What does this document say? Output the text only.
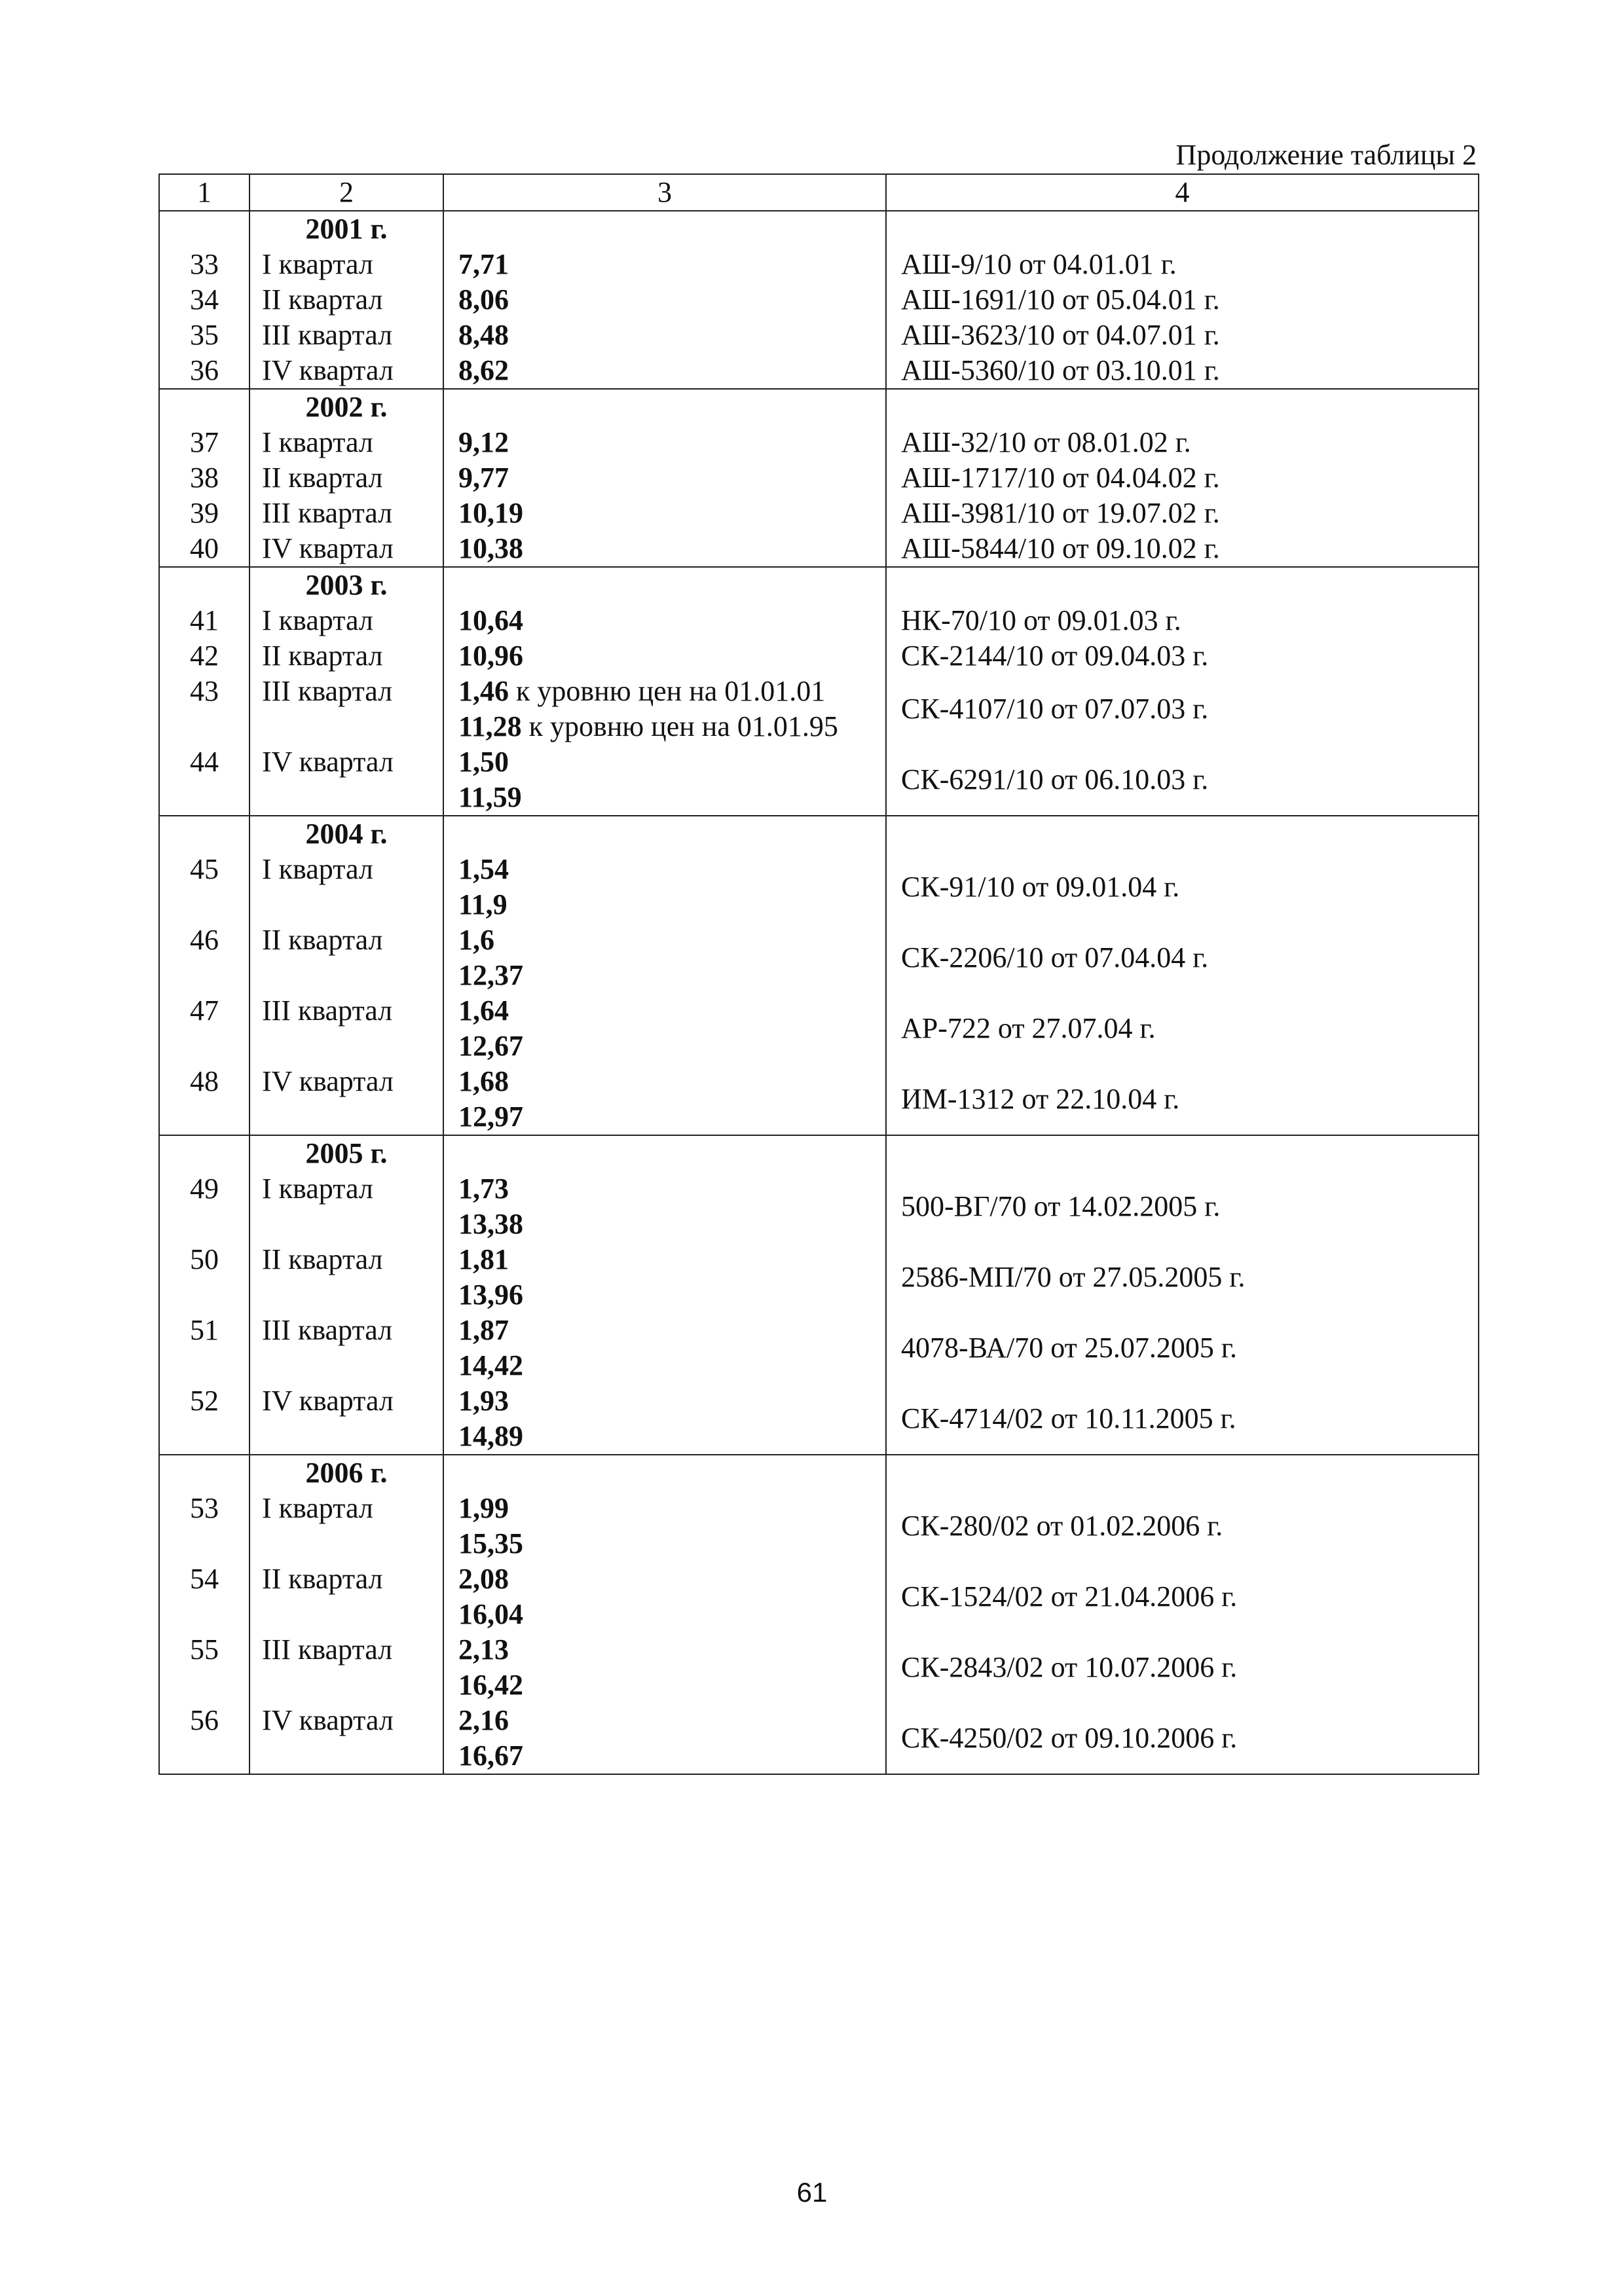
Продолжение таблицы 2
1	2	3	4
	2001 г.		
33	I квартал	7,71	АШ-9/10 от 04.01.01 г.
34	II квартал	8,06	АШ-1691/10 от 05.04.01 г.
35	III квартал	8,48	АШ-3623/10 от 04.07.01 г.
36	IV квартал	8,62	АШ-5360/10 от 03.10.01 г.
	2002 г.		
37	I квартал	9,12	АШ-32/10 от 08.01.02 г.
38	II квартал	9,77	АШ-1717/10 от 04.04.02 г.
39	III квартал	10,19	АШ-3981/10 от 19.07.02 г.
40	IV квартал	10,38	АШ-5844/10 от 09.10.02 г.
	2003 г.		
41	I квартал	10,64	НК-70/10 от 09.01.03 г.
42	II квартал	10,96	СК-2144/10 от 09.04.03 г.
43	III квартал	1,46 к уровню цен на 01.01.01	СК-4107/10 от 07.07.03 г.
		11,28 к уровню цен на 01.01.95	
44	IV квартал	1,50	СК-6291/10 от 06.10.03 г.
		11,59	
	2004 г.		
45	I квартал	1,54	СК-91/10 от 09.01.04 г.
		11,9	
46	II квартал	1,6	СК-2206/10 от 07.04.04 г.
		12,37	
47	III квартал	1,64	АР-722 от 27.07.04 г.
		12,67	
48	IV квартал	1,68	ИМ-1312 от 22.10.04 г.
		12,97	
	2005 г.		
49	I квартал	1,73	500-ВГ/70 от 14.02.2005 г.
		13,38	
50	II квартал	1,81	2586-МП/70 от 27.05.2005 г.
		13,96	
51	III квартал	1,87	4078-ВА/70 от 25.07.2005 г.
		14,42	
52	IV квартал	1,93	СК-4714/02 от 10.11.2005 г.
		14,89	
	2006 г.		
53	I квартал	1,99	СК-280/02 от 01.02.2006 г.
		15,35	
54	II квартал	2,08	СК-1524/02 от 21.04.2006 г.
		16,04	
55	III квартал	2,13	СК-2843/02 от 10.07.2006 г.
		16,42	
56	IV квартал	2,16	СК-4250/02 от 09.10.2006 г.
		16,67	
61
